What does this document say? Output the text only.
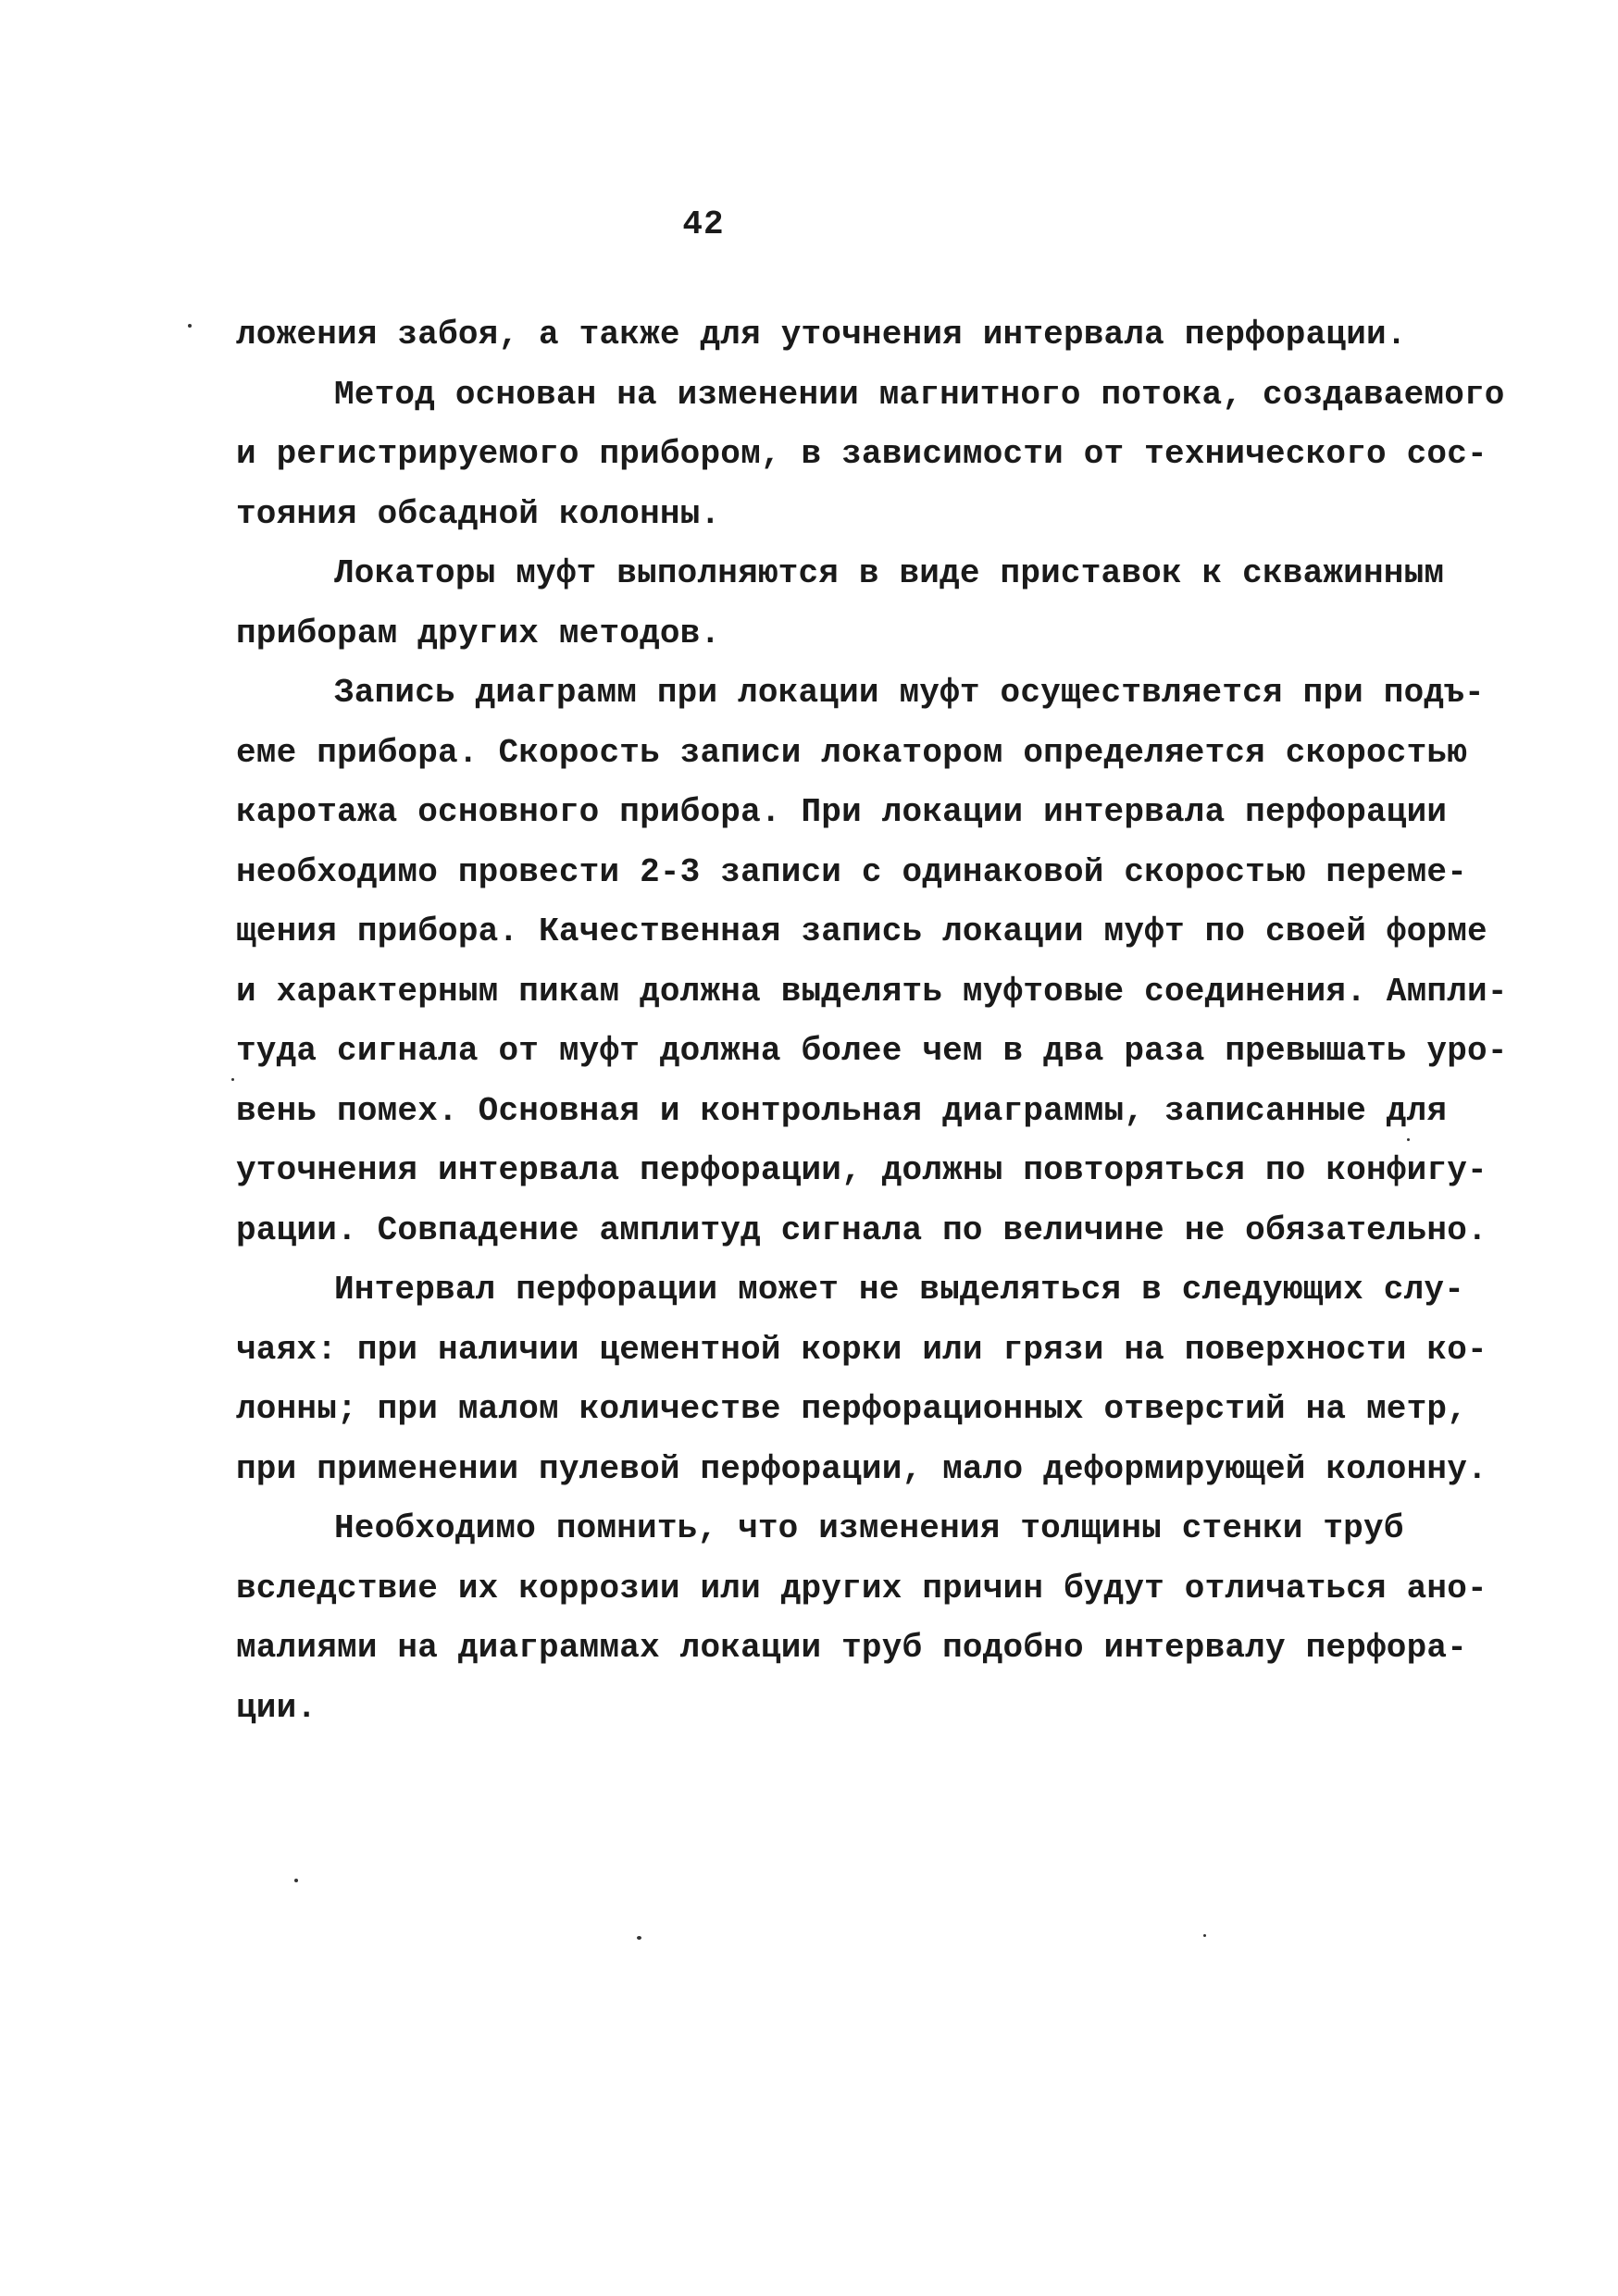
42
ложения забоя, а также для уточнения интервала перфорации.
Метод основан на изменении магнитного потока, создаваемого
и регистрируемого прибором, в зависимости от технического сос-
тояния обсадной колонны.
Локаторы муфт выполняются в виде приставок к скважинным
приборам других методов.
Запись диаграмм при локации муфт осуществляется при подъ-
еме прибора. Скорость записи локатором определяется скоростью
каротажа основного прибора. При локации интервала перфорации
необходимо провести 2-3 записи с одинаковой скоростью переме-
щения прибора. Качественная запись локации муфт по своей форме
и характерным пикам должна выделять муфтовые соединения. Ампли-
туда сигнала от муфт должна более чем в два раза превышать уро-
вень помех. Основная и контрольная диаграммы, записанные для
уточнения интервала перфорации, должны повторяться по конфигу-
рации. Совпадение амплитуд сигнала по величине не обязательно.
Интервал перфорации может не выделяться в следующих слу-
чаях: при наличии цементной корки или грязи на поверхности ко-
лонны; при малом количестве перфорационных отверстий на метр,
при применении пулевой перфорации, мало деформирующей колонну.
Необходимо помнить, что изменения толщины стенки труб
вследствие их коррозии или других причин будут отличаться ано-
малиями на диаграммах локации труб подобно интервалу перфора-
ции.
